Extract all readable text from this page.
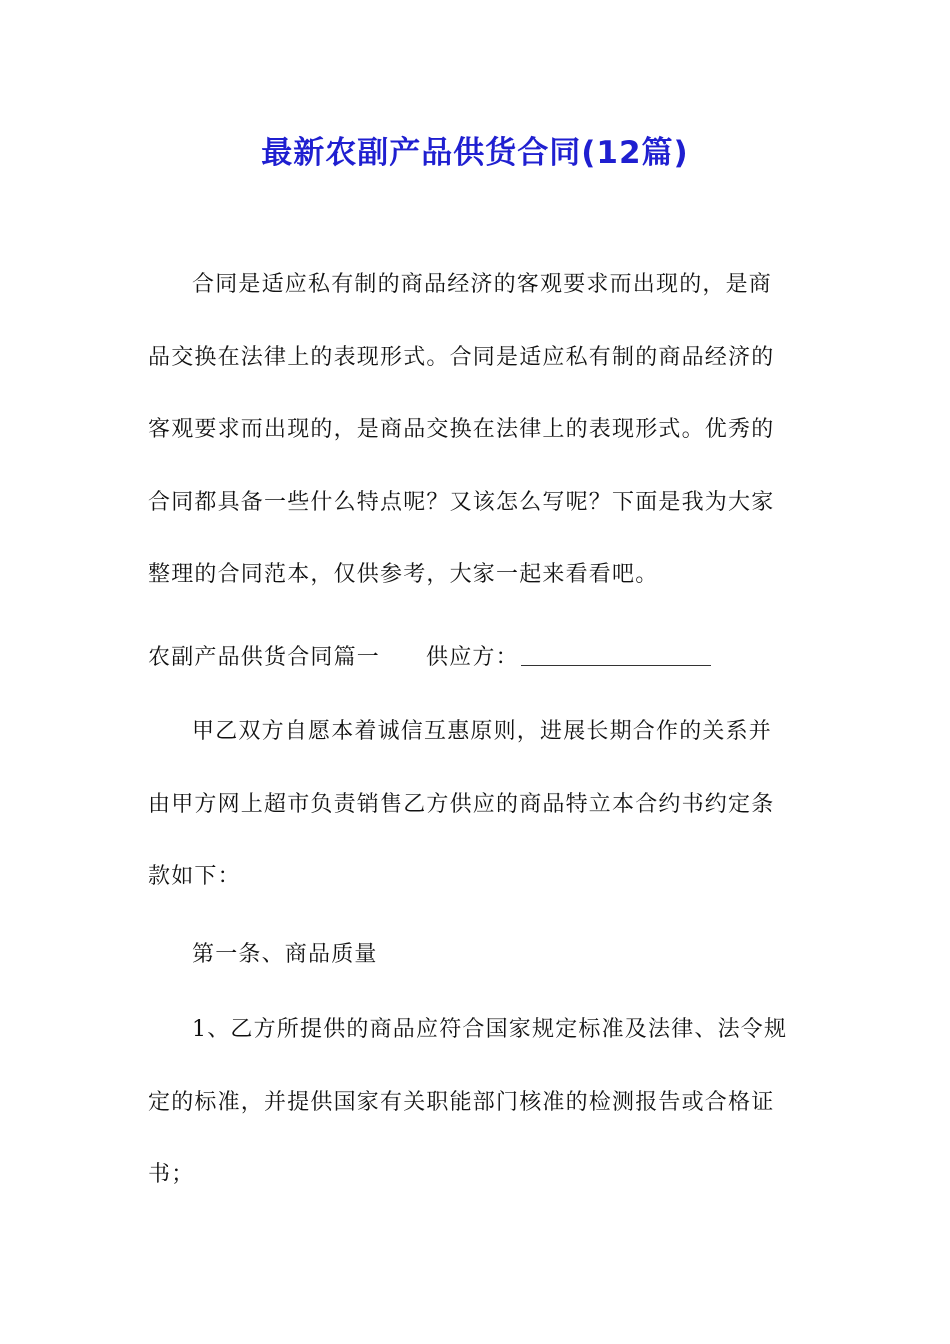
最新农副产品供货合同(12篇)

合同是适应私有制的商品经济的客观要求而出现的，是商
品交换在法律上的表现形式。合同是适应私有制的商品经济的
客观要求而出现的，是商品交换在法律上的表现形式。优秀的
合同都具备一些什么特点呢？又该怎么写呢？下面是我为大家
整理的合同范本，仅供参考，大家一起来看看吧。

农副产品供货合同篇一 供应方：

甲乙双方自愿本着诚信互惠原则，进展长期合作的关系并
由甲方网上超市负责销售乙方供应的商品特立本合约书约定条
款如下：

第一条、商品质量

1、乙方所提供的商品应符合国家规定标准及法律、法令规
定的标准，并提供国家有关职能部门核准的检测报告或合格证
书；
